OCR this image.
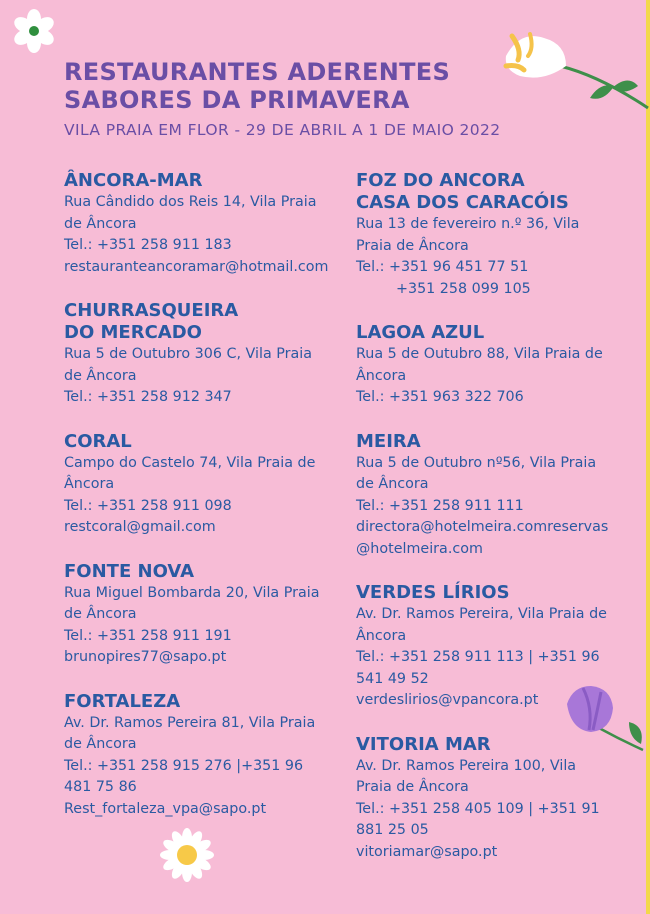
RESTAURANTES ADERENTES
SABORES DA PRIMAVERA
VILA PRAIA EM FLOR - 29 DE ABRIL A 1 DE MAIO 2022
ÂNCORA-MAR
Rua Cândido dos Reis 14, Vila Praia
de Âncora
Tel.: +351 258 911 183
restauranteancoramar@hotmail.com
CHURRASQUEIRA
DO MERCADO
Rua 5 de Outubro 306 C, Vila Praia
de Âncora
Tel.: +351 258 912 347
CORAL
Campo do Castelo 74, Vila Praia de
Âncora
Tel.: +351 258 911 098
restcoral@gmail.com
FONTE NOVA
Rua Miguel Bombarda 20, Vila Praia
de Âncora
Tel.: +351 258 911 191
brunopires77@sapo.pt
FORTALEZA
Av. Dr. Ramos Pereira 81, Vila Praia
de Âncora
Tel.: +351 258 915 276 |+351 96
481 75 86
Rest_fortaleza_vpa@sapo.pt
FOZ DO ANCORA
CASA DOS CARACÓIS
Rua 13 de fevereiro n.º 36, Vila
Praia de Âncora
Tel.: +351 96 451 77 51
+351 258 099 105
LAGOA AZUL
Rua 5 de Outubro 88, Vila Praia de
Âncora
Tel.: +351 963 322 706
MEIRA
Rua 5 de Outubro nº56, Vila Praia
de Âncora
Tel.: +351 258 911 111
directora@hotelmeira.comreservas
@hotelmeira.com
VERDES LÍRIOS
Av. Dr. Ramos Pereira, Vila Praia de
Âncora
Tel.: +351 258 911 113 | +351 96
541 49 52
verdeslirios@vpancora.pt
VITORIA MAR
Av. Dr. Ramos Pereira 100, Vila
Praia de Âncora
Tel.: +351 258 405 109 | +351 91
881 25 05
vitoriamar@sapo.pt
